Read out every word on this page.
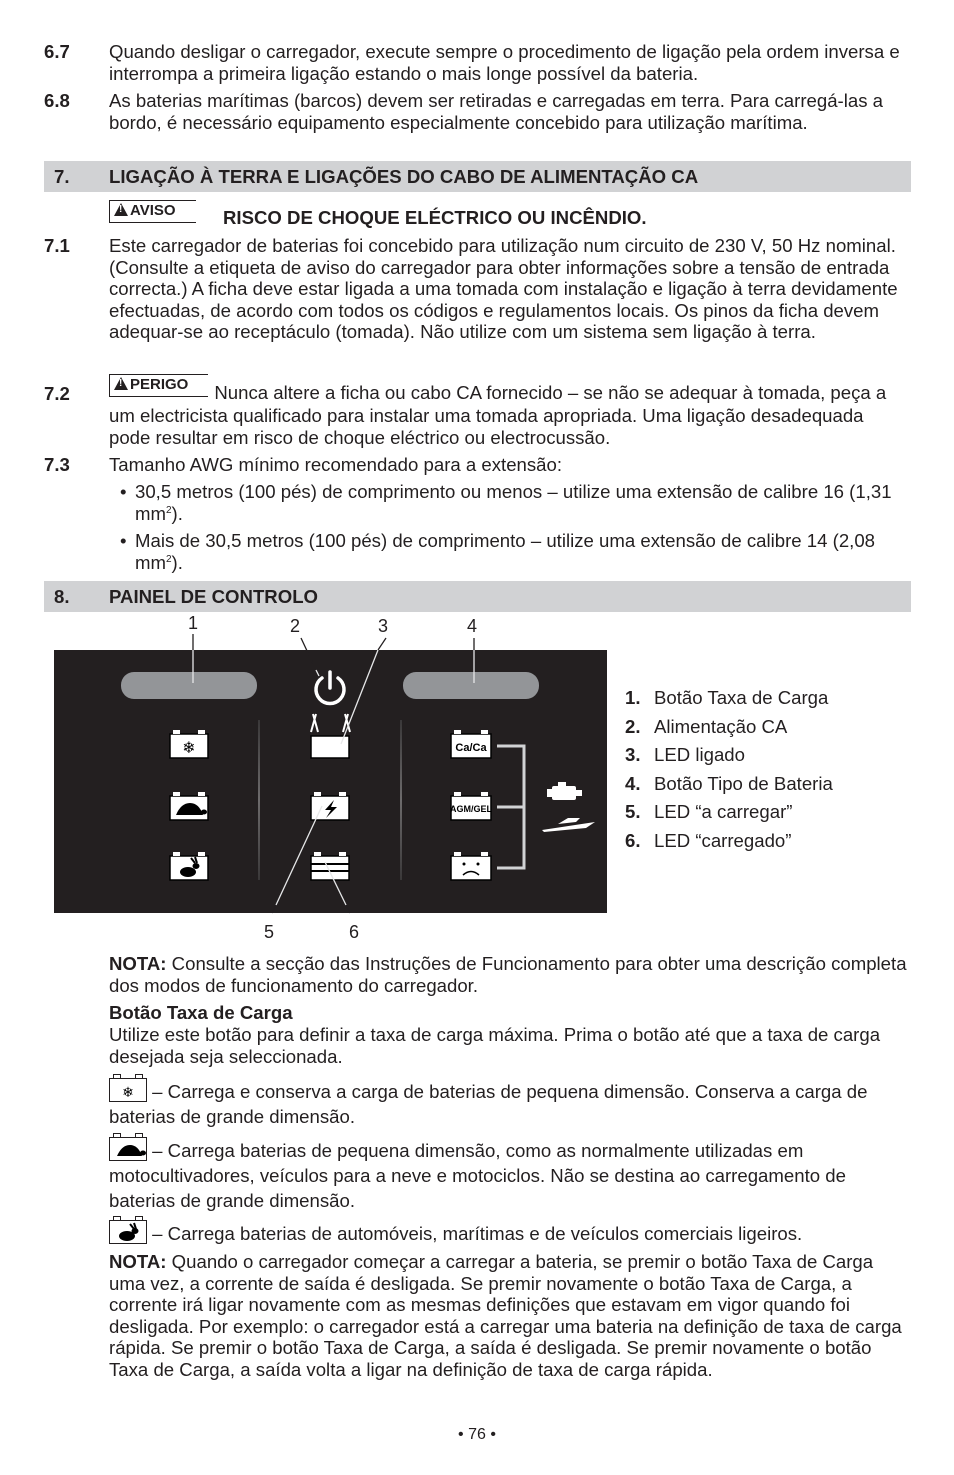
6.7 Quando desligar o carregador, execute sempre o procedimento de ligação pela ordem inversa e interrompa a primeira ligação estando o mais longe possível da bateria.

6.8 As baterias marítimas (barcos) devem ser retiradas e carregadas em terra. Para carregá-las a bordo, é necessário equipamento especialmente concebido para utilização marítima.

7. LIGAÇÃO À TERRA E LIGAÇÕES DO CABO DE ALIMENTAÇÃO CA
!AVISO	RISCO DE CHOQUE ELÉCTRICO OU INCÊNDIO.
7.1 Este carregador de baterias foi concebido para utilização num circuito de 230 V, 50 Hz nominal. (Consulte a etiqueta de aviso do carregador para obter informações sobre a tensão de entrada correcta.) A ficha deve estar ligada a uma tomada com instalação e ligação à terra devidamente efectuadas, de acordo com todos os códigos e regulamentos locais. Os pinos da ficha devem adequar-se ao receptáculo (tomada). Não utilize com um sistema sem ligação à terra.

7.2
!	PERIGO Nunca altere a ficha ou cabo CA fornecido – se não se adequar à tomada, peça a um electricista qualificado para instalar uma tomada apropriada. Uma ligação desadequada pode resultar em risco de choque eléctrico ou electrocussão.
7.3 Tamanho AWG mínimo recomendado para a extensão:

• 30,5 metros (100 pés) de comprimento ou menos – utilize uma extensão de calibre 16 (1,31 $mm^2$).
• Mais de 30,5 metros (100 pés) de comprimento – utilize uma extensão de calibre 14 (2,08 $mm^2$).
8. PAINEL DE CONTROLO
1	2	3	4
5	6
❄	Ca/Ca
AGM/GEL
1. Botão Taxa de Carga
2. Alimentação CA
3. LED ligado
4. Botão Tipo de Bateria
5. LED “a carregar”
6. LED “carregado”

NOTA: Consulte a secção das Instruções de Funcionamento para obter uma descrição completa dos modos de funcionamento do carregador.

Botão Taxa de Carga

Utilize este botão para definir a taxa de carga máxima. Prima o botão até que a taxa de carga desejada seja seleccionada.

❄ – Carrega e conserva a carga de baterias de pequena dimensão. Conserva a carga de baterias de grande dimensão.

– Carrega baterias de pequena dimensão, como as normalmente utilizadas em motocultivadores, veículos para a neve e motociclos. Não se destina ao carregamento de baterias de grande dimensão.

– Carrega baterias de automóveis, marítimas e de veículos comerciais ligeiros.

NOTA: Quando o carregador começar a carregar a bateria, se premir o botão Taxa de Carga uma vez, a corrente de saída é desligada. Se premir novamente o botão Taxa de Carga, a corrente irá ligar novamente com as mesmas definições que estavam em vigor quando foi desligada. Por exemplo: o carregador está a carregar uma bateria na definição de taxa de carga rápida. Se premir o botão Taxa de Carga, a saída é desligada. Se premir novamente o botão Taxa de Carga, a saída volta a ligar na definição de taxa de carga rápida.

• 76 •
